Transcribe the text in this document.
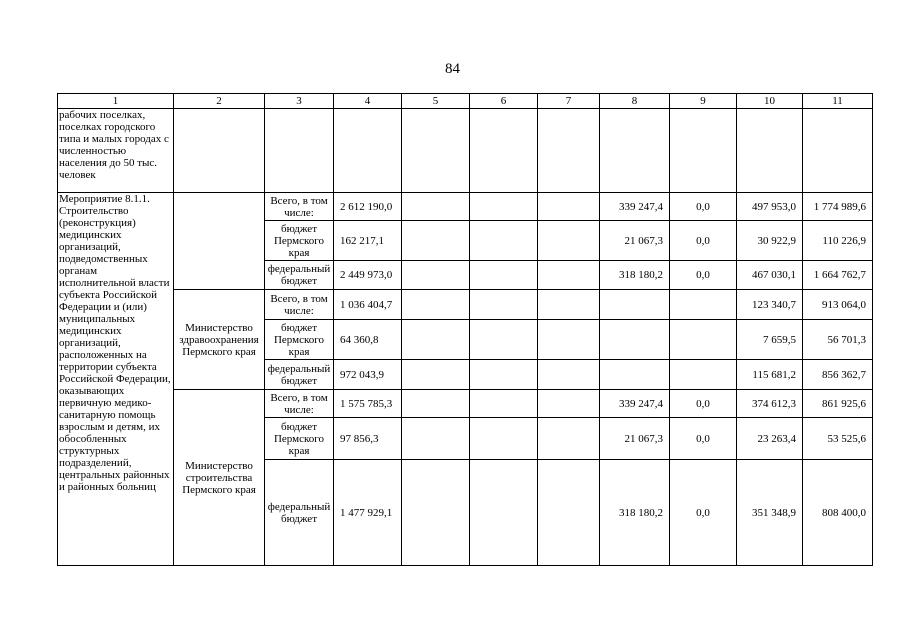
84
1	2	3	4	5	6	7	8	9	10	11
рабочих поселках, поселках городского типа и малых городах с численностью населения до 50 тыс. человек										
Мероприятие 8.1.1. Строительство (реконструкция) медицинских организаций, подведомственных органам исполнительной власти субъекта Российской Федерации и (или) муниципальных медицинских организаций, расположенных на территории субъекта Российской Федерации, оказывающих первичную медико-санитарную помощь взрослым и детям, их обособленных структурных подразделений, центральных районных и районных больниц		Всего, в том числе:	2 612 190,0				339 247,4	0,0	497 953,0	1 774 989,6
		бюджет Пермского края	162 217,1				21 067,3	0,0	30 922,9	110 226,9
		федеральный бюджет	2 449 973,0				318 180,2	0,0	467 030,1	1 664 762,7
	Министерство здравоохранения Пермского края	Всего, в том числе:	1 036 404,7						123 340,7	913 064,0
		бюджет Пермского края	64 360,8						7 659,5	56 701,3
		федеральный бюджет	972 043,9						115 681,2	856 362,7
	Министерство строительства Пермского края	Всего, в том числе:	1 575 785,3				339 247,4	0,0	374 612,3	861 925,6
		бюджет Пермского края	97 856,3				21 067,3	0,0	23 263,4	53 525,6
		федеральный бюджет	1 477 929,1				318 180,2	0,0	351 348,9	808 400,0
